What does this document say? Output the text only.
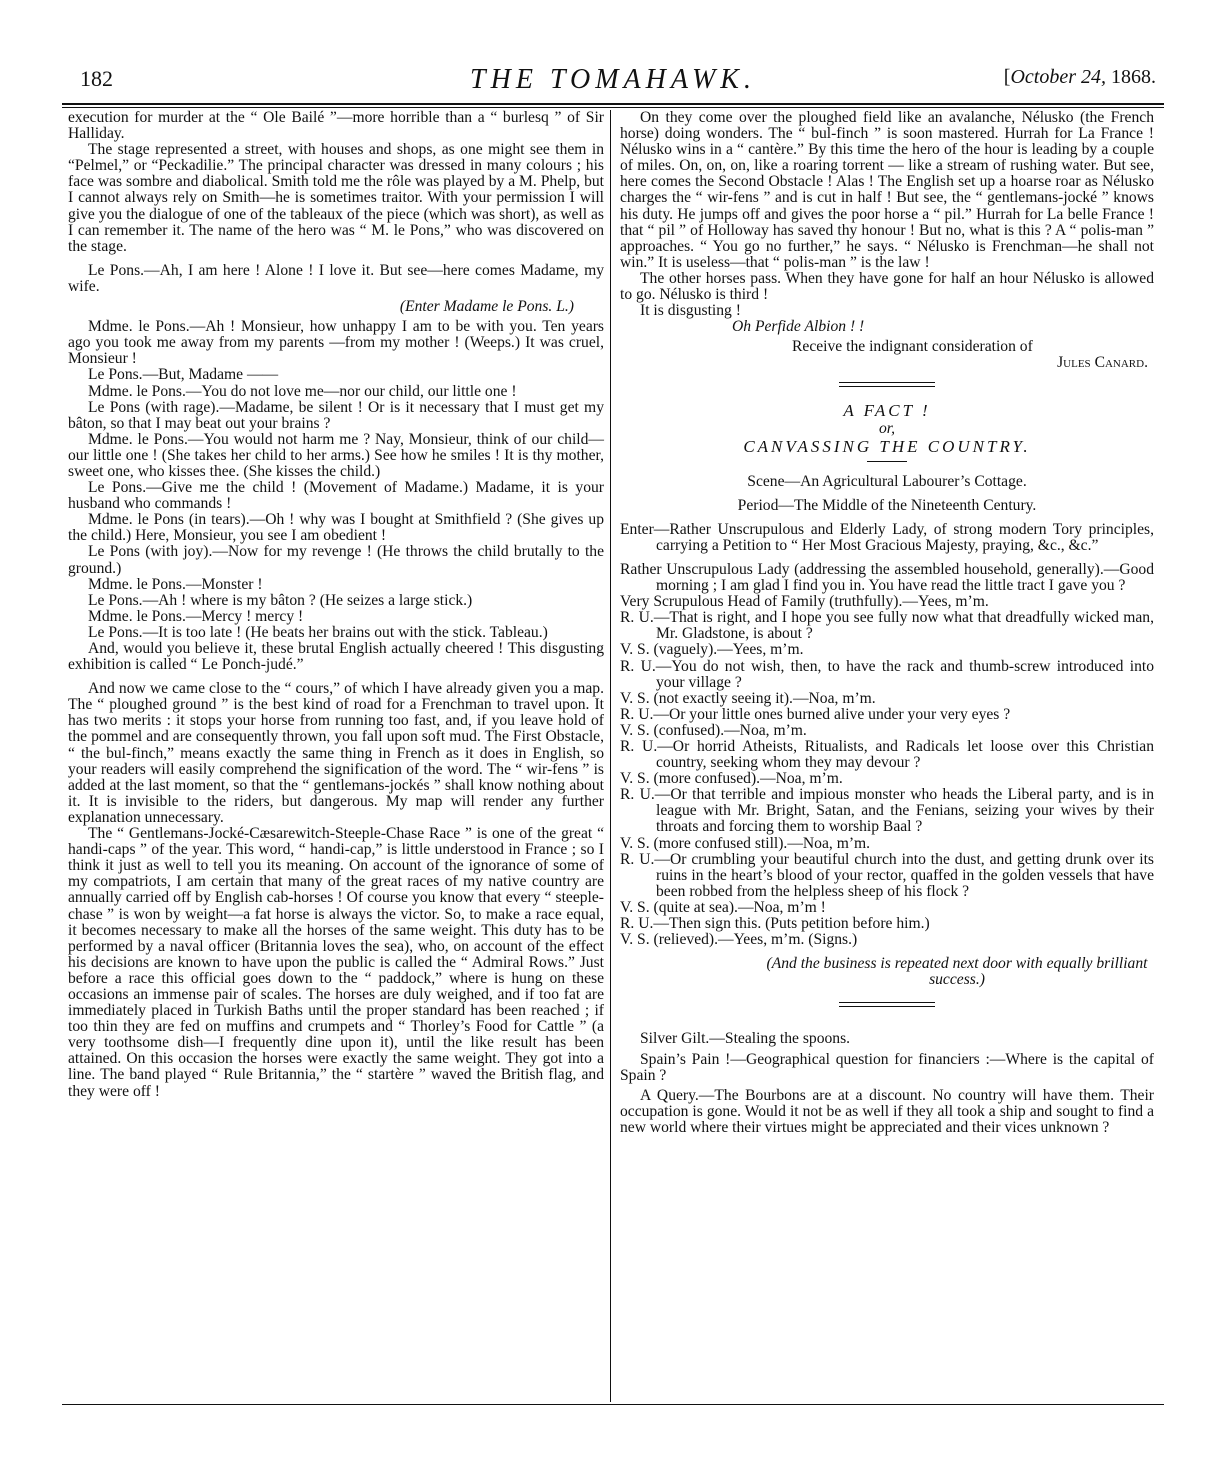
182	THE TOMAHAWK.	[October 24, 1868.

execution for murder at the “ Ole Bailé ”—more horrible than a “ burlesq ” of Sir Halliday.

The stage represented a street, with houses and shops, as one might see them in “Pelmel,” or “Peckadilie.” The principal character was dressed in many colours ; his face was sombre and diabolical. Smith told me the rôle was played by a M. Phelp, but I cannot always rely on Smith—he is sometimes traitor. With your permission I will give you the dialogue of one of the tableaux of the piece (which was short), as well as I can remember it. The name of the hero was “ M. le Pons,” who was discovered on the stage.

Le Pons.—Ah, I am here ! Alone ! I love it. But see—here comes Madame, my wife.

(Enter Madame le Pons. L.)

Mdme. le Pons.—Ah ! Monsieur, how unhappy I am to be with you. Ten years ago you took me away from my parents —from my mother ! (Weeps.) It was cruel, Monsieur !

Le Pons.—But, Madame ——

Mdme. le Pons.—You do not love me—nor our child, our little one !

Le Pons (with rage).—Madame, be silent ! Or is it necessary that I must get my bâton, so that I may beat out your brains ?

Mdme. le Pons.—You would not harm me ? Nay, Monsieur, think of our child—our little one ! (She takes her child to her arms.) See how he smiles ! It is thy mother, sweet one, who kisses thee. (She kisses the child.)

Le Pons.—Give me the child ! (Movement of Madame.) Madame, it is your husband who commands !

Mdme. le Pons (in tears).—Oh ! why was I bought at Smithfield ? (She gives up the child.) Here, Monsieur, you see I am obedient !

Le Pons (with joy).—Now for my revenge ! (He throws the child brutally to the ground.)

Mdme. le Pons.—Monster !

Le Pons.—Ah ! where is my bâton ? (He seizes a large stick.)

Mdme. le Pons.—Mercy ! mercy !

Le Pons.—It is too late ! (He beats her brains out with the stick. Tableau.)

And, would you believe it, these brutal English actually cheered ! This disgusting exhibition is called “ Le Ponch-judé.”

And now we came close to the “ cours,” of which I have already given you a map. The “ ploughed ground ” is the best kind of road for a Frenchman to travel upon. It has two merits : it stops your horse from running too fast, and, if you leave hold of the pommel and are consequently thrown, you fall upon soft mud. The First Obstacle, “ the bul-finch,” means exactly the same thing in French as it does in English, so your readers will easily comprehend the signification of the word. The “ wir-fens ” is added at the last moment, so that the “ gentlemans-jockés ” shall know nothing about it. It is invisible to the riders, but dangerous. My map will render any further explanation unnecessary.

The “ Gentlemans-Jocké-Cæsarewitch-Steeple-Chase Race ” is one of the great “ handi-caps ” of the year. This word, “ handi-cap,” is little understood in France ; so I think it just as well to tell you its meaning. On account of the ignorance of some of my compatriots, I am certain that many of the great races of my native country are annually carried off by English cab-horses ! Of course you know that every “ steeple-chase ” is won by weight—a fat horse is always the victor. So, to make a race equal, it becomes necessary to make all the horses of the same weight. This duty has to be performed by a naval officer (Britannia loves the sea), who, on account of the effect his decisions are known to have upon the public is called the “ Admiral Rows.” Just before a race this official goes down to the “ paddock,” where is hung on these occasions an immense pair of scales. The horses are duly weighed, and if too fat are immediately placed in Turkish Baths until the proper standard has been reached ; if too thin they are fed on muffins and crumpets and “ Thorley’s Food for Cattle ” (a very toothsome dish—I frequently dine upon it), until the like result has been attained. On this occasion the horses were exactly the same weight. They got into a line. The band played “ Rule Britannia,” the “ startère ” waved the British flag, and they were off !

On they come over the ploughed field like an avalanche, Nélusko (the French horse) doing wonders. The “ bul-finch ” is soon mastered. Hurrah for La France ! Nélusko wins in a “ cantère.” By this time the hero of the hour is leading by a couple of miles. On, on, on, like a roaring torrent — like a stream of rushing water. But see, here comes the Second Obstacle ! Alas ! The English set up a hoarse roar as Nélusko charges the “ wir-fens ” and is cut in half ! But see, the “ gentlemans-jocké ” knows his duty. He jumps off and gives the poor horse a “ pil.” Hurrah for La belle France ! that “ pil ” of Holloway has saved thy honour ! But no, what is this ? A “ polis-man ” approaches. “ You go no further,” he says. “ Nélusko is Frenchman—he shall not win.” It is useless—that “ polis-man ” is the law !

The other horses pass. When they have gone for half an hour Nélusko is allowed to go. Nélusko is third !

It is disgusting !

Oh Perfide Albion ! !

Receive the indignant consideration of

Jules Canard.

A FACT !

or,

CANVASSING THE COUNTRY.

Scene—An Agricultural Labourer’s Cottage.

Period—The Middle of the Nineteenth Century.

Enter—Rather Unscrupulous and Elderly Lady, of strong modern Tory principles, carrying a Petition to “ Her Most Gracious Majesty, praying, &c., &c.”

Rather Unscrupulous Lady (addressing the assembled household, generally).—Good morning ; I am glad I find you in. You have read the little tract I gave you ?

Very Scrupulous Head of Family (truthfully).—Yees, m’m.

R. U.—That is right, and I hope you see fully now what that dreadfully wicked man, Mr. Gladstone, is about ?

V. S. (vaguely).—Yees, m’m.

R. U.—You do not wish, then, to have the rack and thumb-screw introduced into your village ?

V. S. (not exactly seeing it).—Noa, m’m.

R. U.—Or your little ones burned alive under your very eyes ?

V. S. (confused).—Noa, m’m.

R. U.—Or horrid Atheists, Ritualists, and Radicals let loose over this Christian country, seeking whom they may devour ?

V. S. (more confused).—Noa, m’m.

R. U.—Or that terrible and impious monster who heads the Liberal party, and is in league with Mr. Bright, Satan, and the Fenians, seizing your wives by their throats and forcing them to worship Baal ?

V. S. (more confused still).—Noa, m’m.

R. U.—Or crumbling your beautiful church into the dust, and getting drunk over its ruins in the heart’s blood of your rector, quaffed in the golden vessels that have been robbed from the helpless sheep of his flock ?

V. S. (quite at sea).—Noa, m’m !

R. U.—Then sign this. (Puts petition before him.)

V. S. (relieved).—Yees, m’m. (Signs.)

(And the business is repeated next door with equally brilliant success.)

Silver Gilt.—Stealing the spoons.

Spain’s Pain !—Geographical question for financiers :—Where is the capital of Spain ?

A Query.—The Bourbons are at a discount. No country will have them. Their occupation is gone. Would it not be as well if they all took a ship and sought to find a new world where their virtues might be appreciated and their vices unknown ?
